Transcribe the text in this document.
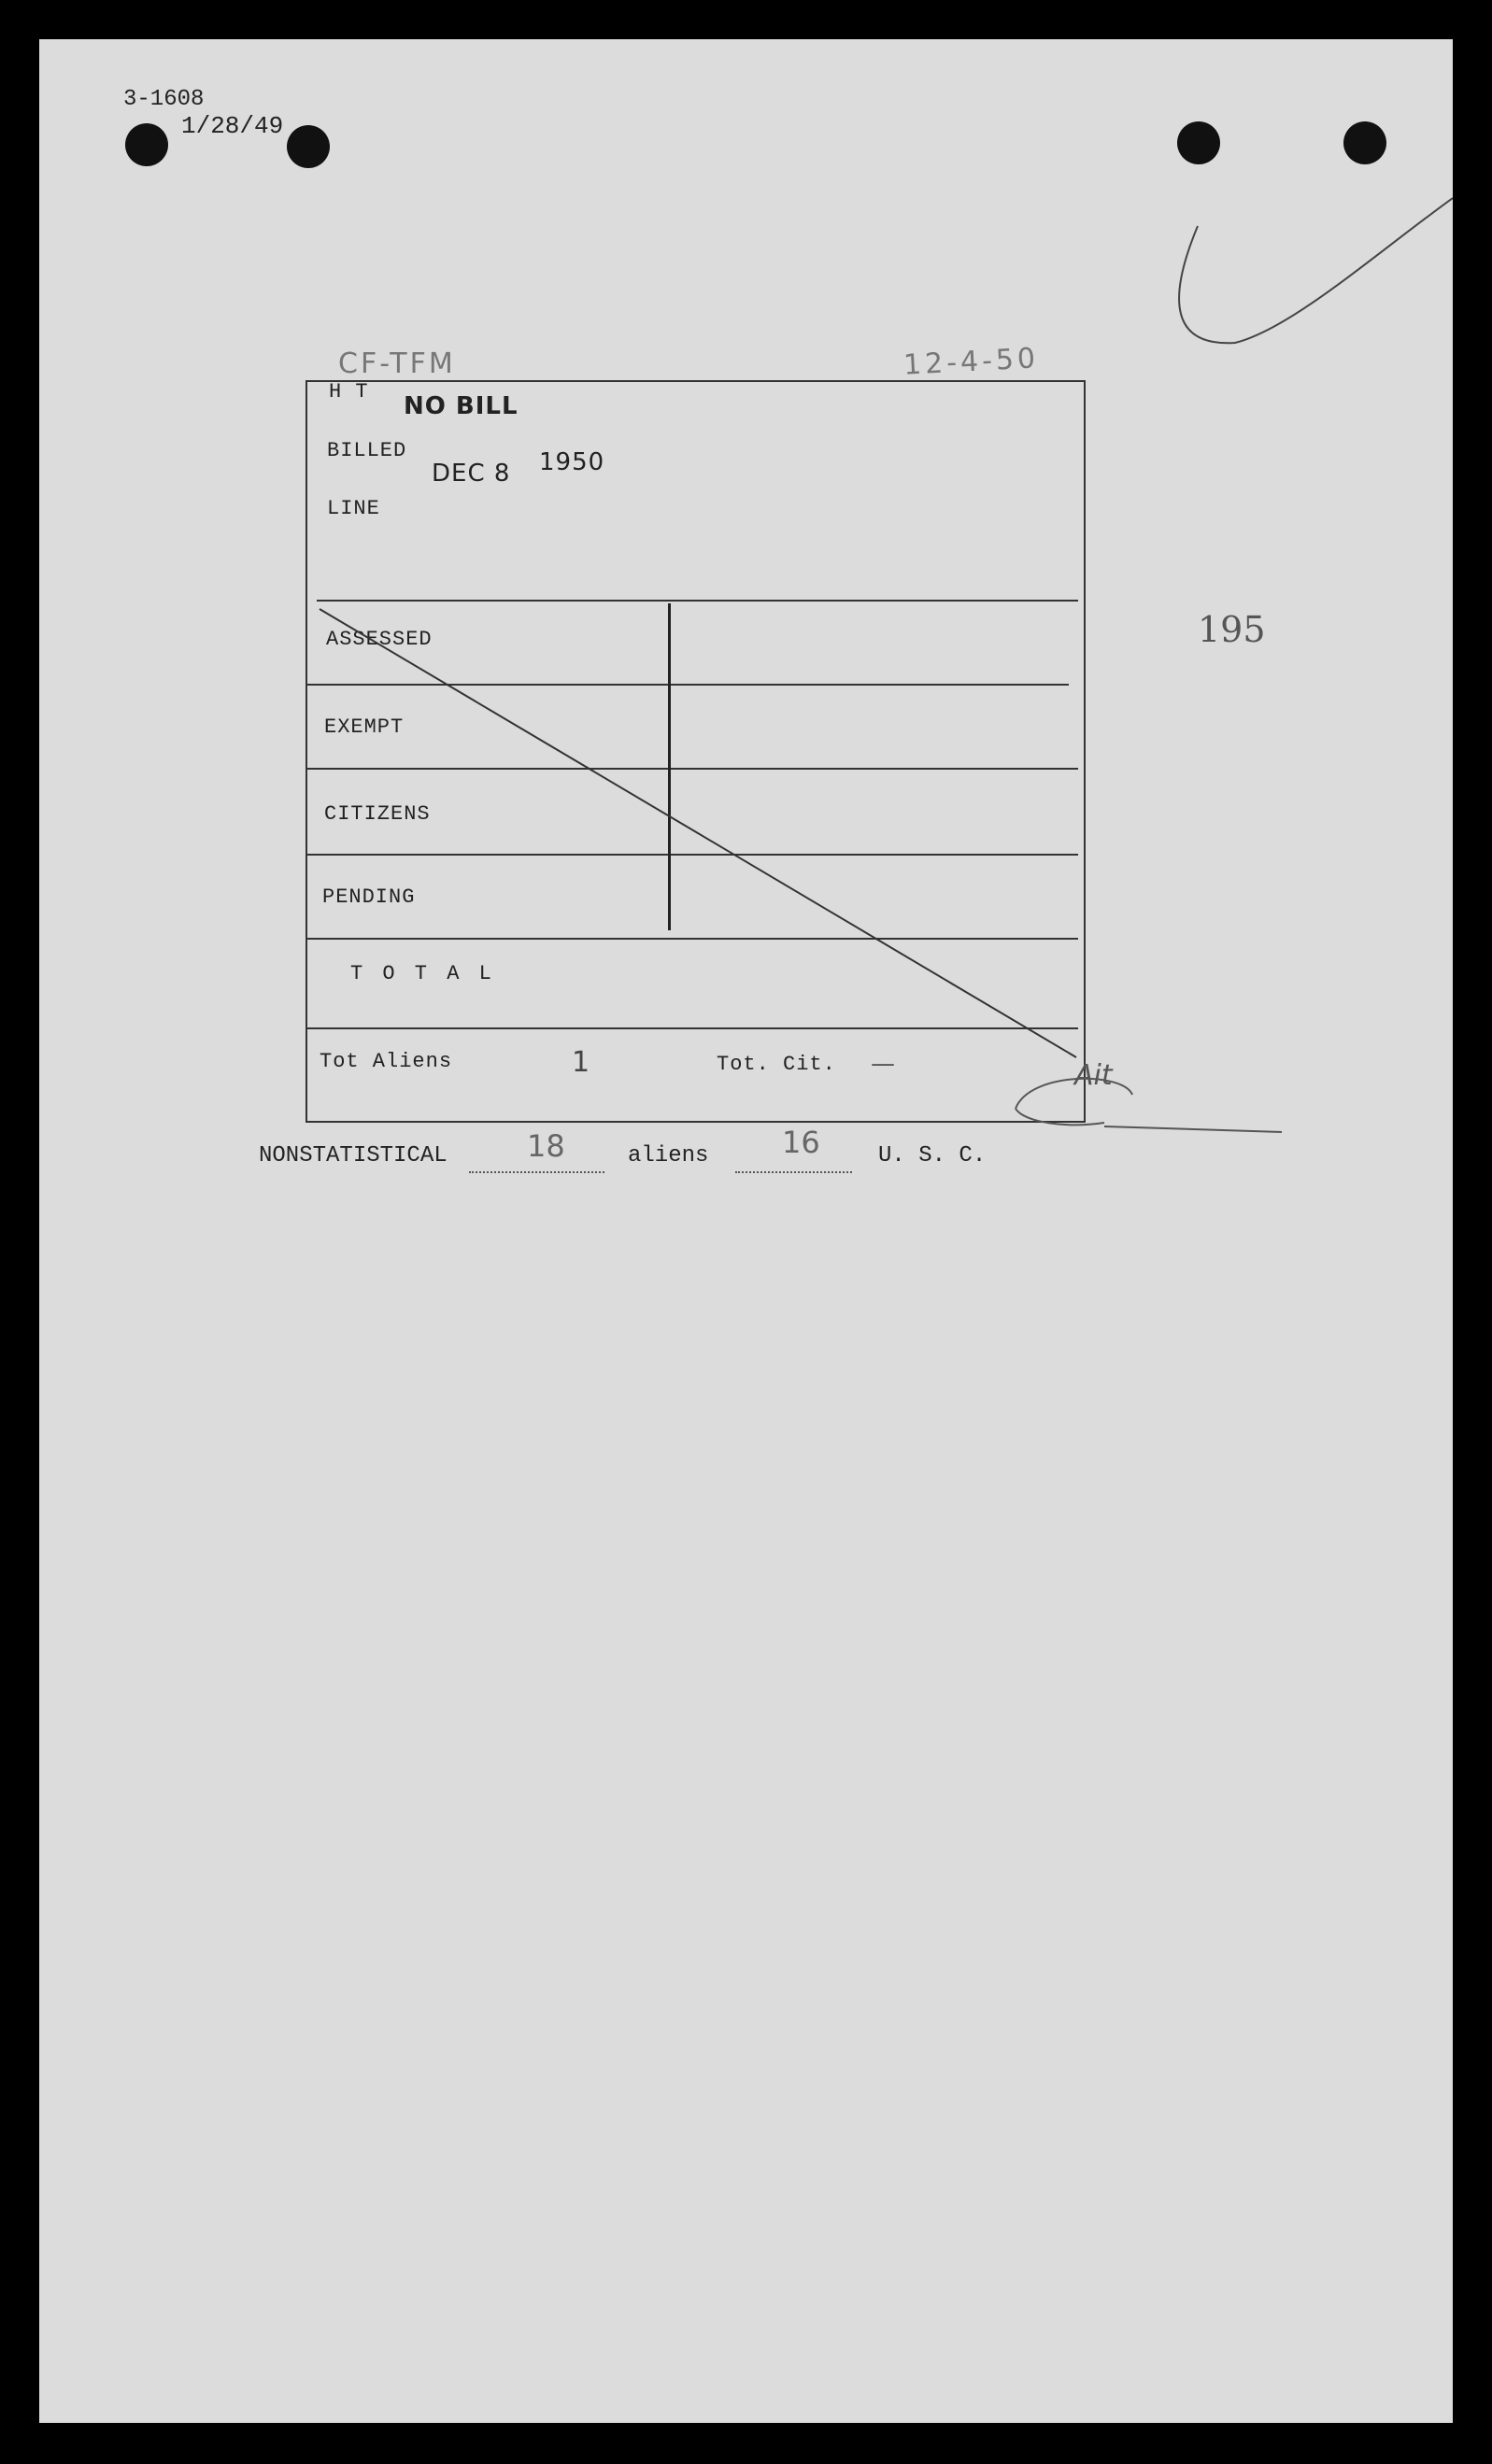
3-1608
1/28/49
CF-TFM	12-4-50
H T
NO BILL
BILLED
DEC 8 1950
LINE
ASSESSED
EXEMPT
CITIZENS
PENDING
T O T A L
Tot Aliens	1	Tot. Cit. —	Ait
195
NONSTATISTICAL	18	aliens 16	U. S. C.
